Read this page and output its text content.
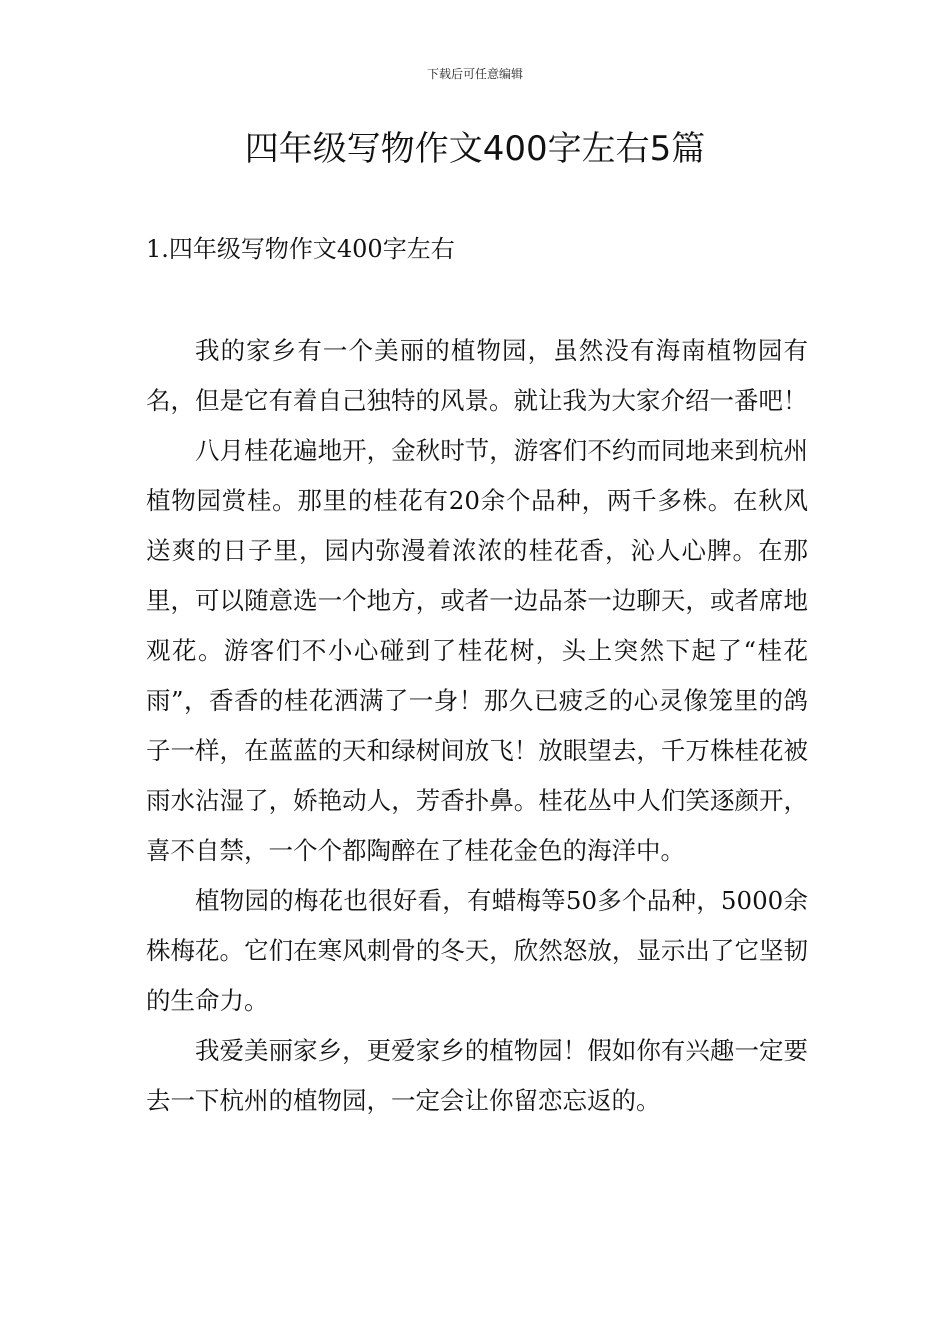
下载后可任意编辑
四年级写物作文400字左右5篇
1.四年级写物作文400字左右

我的家乡有一个美丽的植物园，虽然没有海南植物园有名，但是它有着自己独特的风景。就让我为大家介绍一番吧！

八月桂花遍地开，金秋时节，游客们不约而同地来到杭州植物园赏桂。那里的桂花有20余个品种，两千多株。在秋风送爽的日子里，园内弥漫着浓浓的桂花香，沁人心脾。在那里，可以随意选一个地方，或者一边品茶一边聊天，或者席地观花。游客们不小心碰到了桂花树，头上突然下起了“桂花雨”，香香的桂花洒满了一身！那久已疲乏的心灵像笼里的鸽子一样，在蓝蓝的天和绿树间放飞！放眼望去，千万株桂花被雨水沾湿了，娇艳动人，芳香扑鼻。桂花丛中人们笑逐颜开，喜不自禁，一个个都陶醉在了桂花金色的海洋中。

植物园的梅花也很好看，有蜡梅等50多个品种，5000余株梅花。它们在寒风刺骨的冬天，欣然怒放，显示出了它坚韧的生命力。

我爱美丽家乡，更爱家乡的植物园！假如你有兴趣一定要去一下杭州的植物园，一定会让你留恋忘返的。
